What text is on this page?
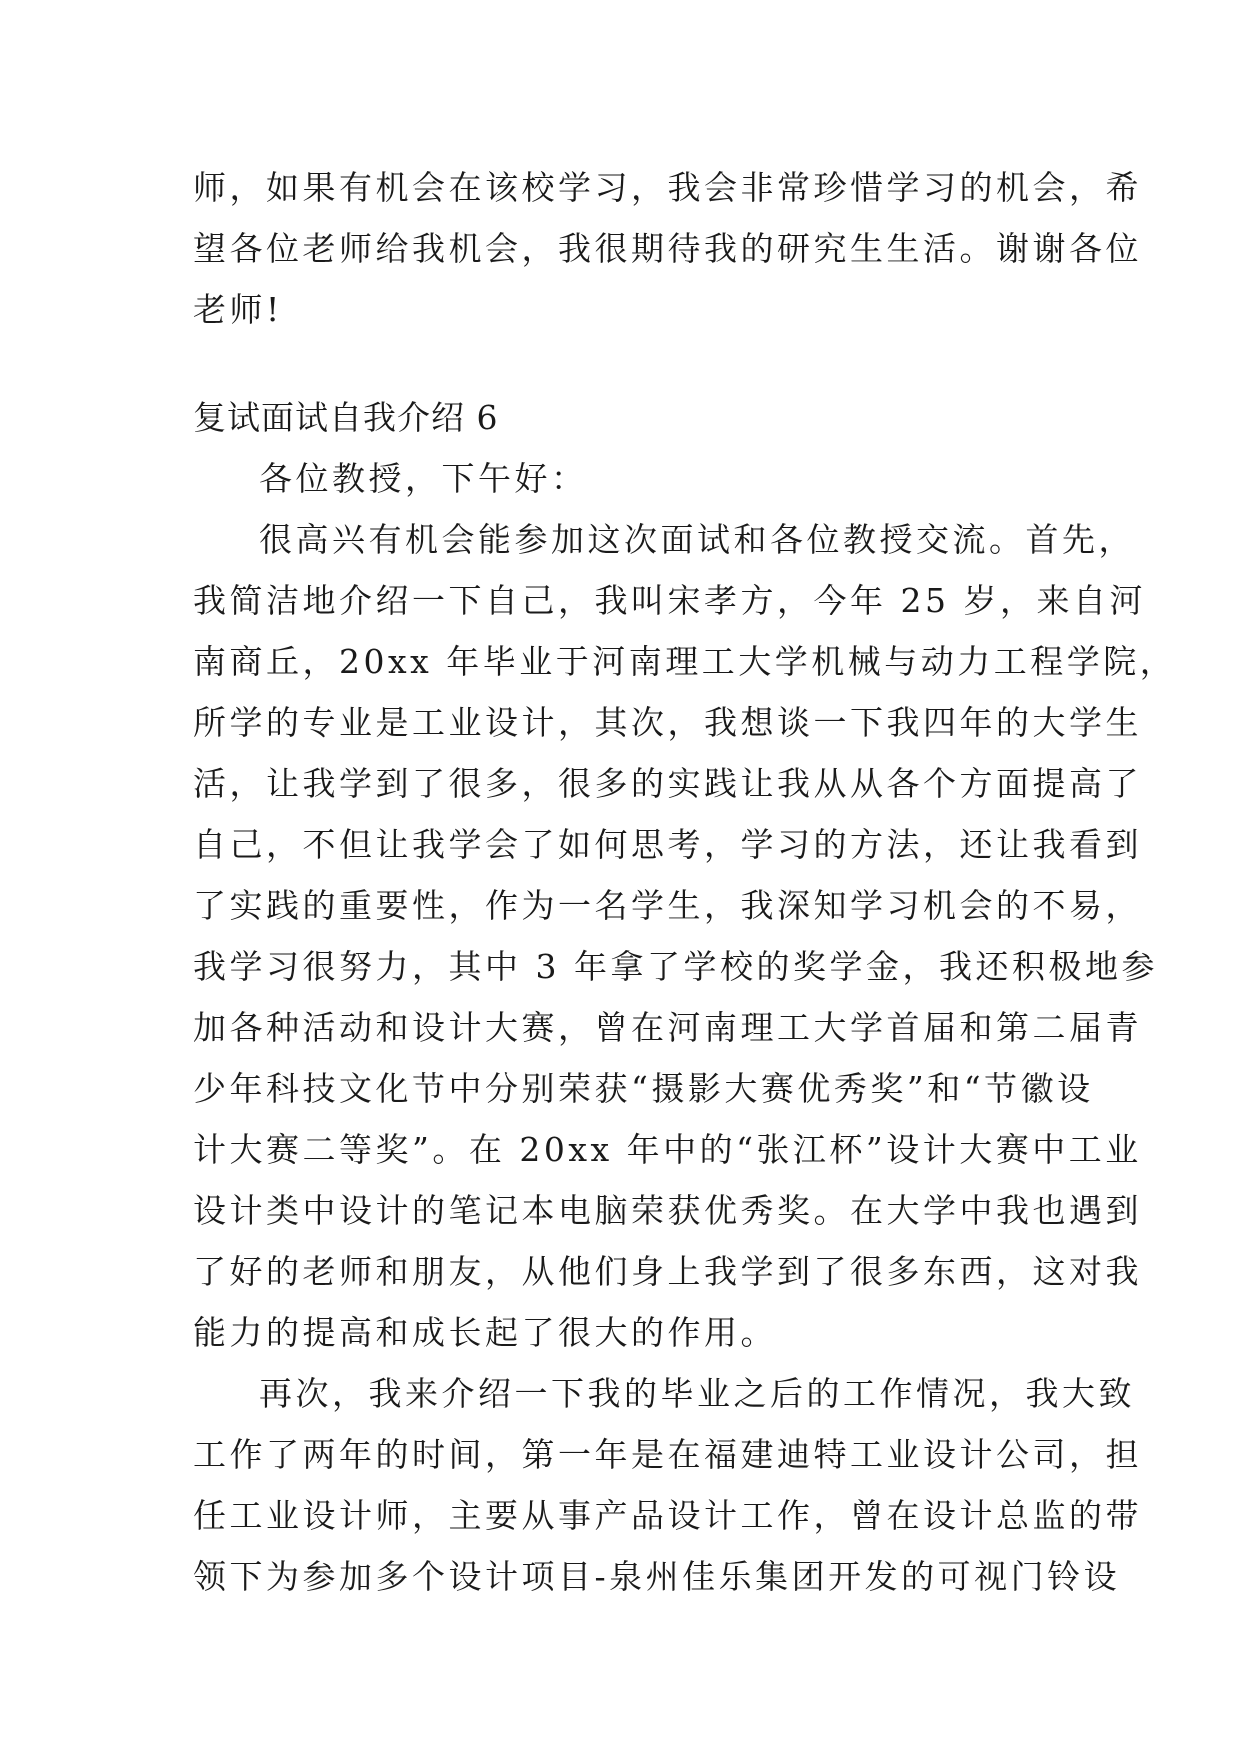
师，如果有机会在该校学习，我会非常珍惜学习的机会，希
望各位老师给我机会，我很期待我的研究生生活。谢谢各位
老师!
复试面试自我介绍 6
各位教授，下午好：
很高兴有机会能参加这次面试和各位教授交流。首先，
我简洁地介绍一下自己，我叫宋孝方，今年 25 岁，来自河
南商丘，20xx 年毕业于河南理工大学机械与动力工程学院，
所学的专业是工业设计，其次，我想谈一下我四年的大学生
活，让我学到了很多，很多的实践让我从从各个方面提高了
自己，不但让我学会了如何思考，学习的方法，还让我看到
了实践的重要性，作为一名学生，我深知学习机会的不易，
我学习很努力，其中 3 年拿了学校的奖学金，我还积极地参
加各种活动和设计大赛，曾在河南理工大学首届和第二届青
少年科技文化节中分别荣获“摄影大赛优秀奖”和“节徽设
计大赛二等奖”。在 20xx 年中的“张江杯”设计大赛中工业
设计类中设计的笔记本电脑荣获优秀奖。在大学中我也遇到
了好的老师和朋友，从他们身上我学到了很多东西，这对我
能力的提高和成长起了很大的作用。
再次，我来介绍一下我的毕业之后的工作情况，我大致
工作了两年的时间，第一年是在福建迪特工业设计公司，担
任工业设计师，主要从事产品设计工作，曾在设计总监的带
领下为参加多个设计项目-泉州佳乐集团开发的可视门铃设
